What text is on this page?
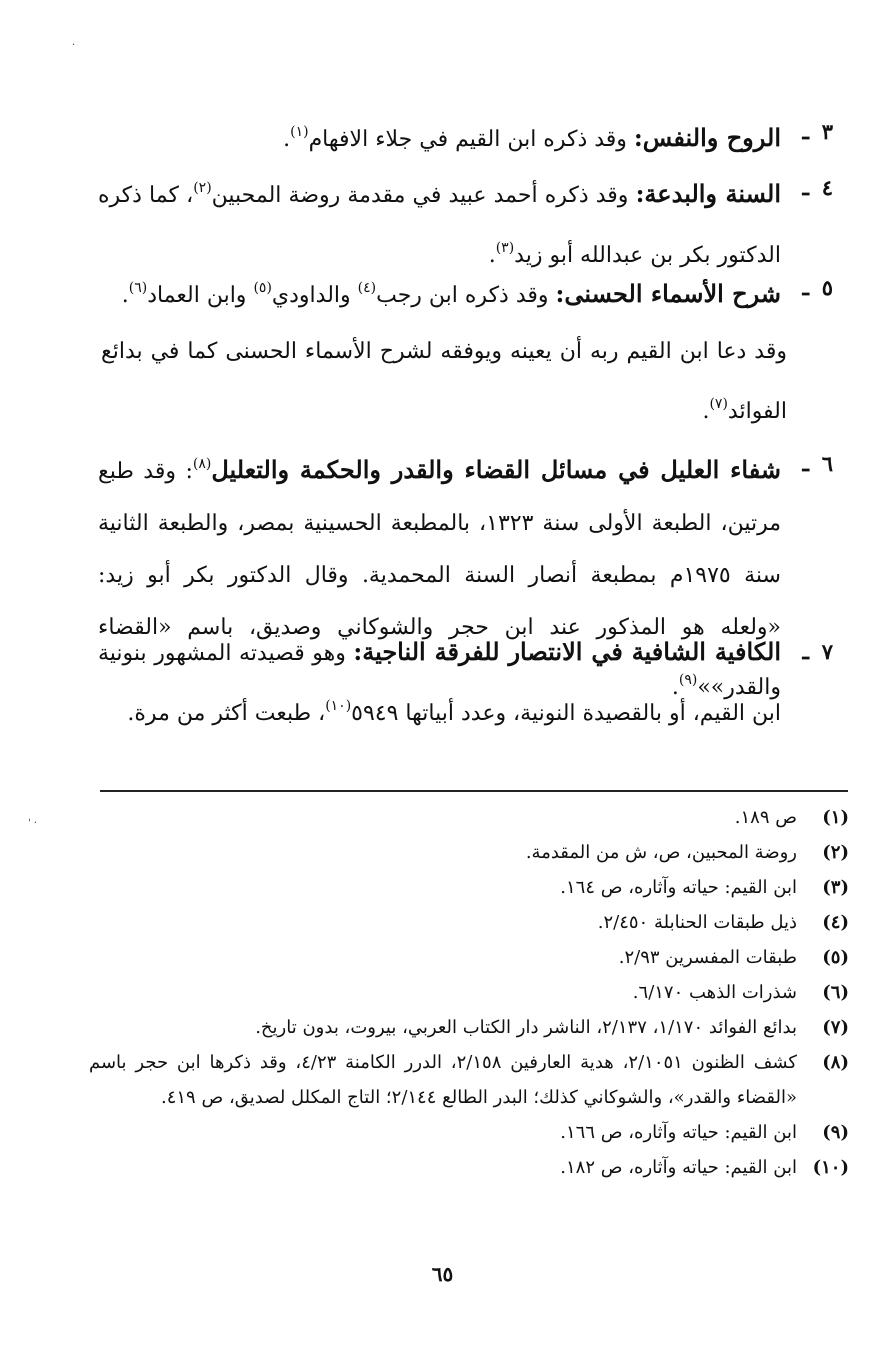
٣
ـ
الروح والنفس: وقد ذكره ابن القيم في جلاء الافهام$^{(١)}$.
٤
ـ
السنة والبدعة: وقد ذكره أحمد عبيد في مقدمة روضة المحبين$^{(٢)}$، كما ذكره الدكتور بكر بن عبدالله أبو زيد$^{(٣)}$.
٥
ـ
شرح الأسماء الحسنى: وقد ذكره ابن رجب$^{(٤)}$ والداودي$^{(٥)}$ وابن العماد$^{(٦)}$.
وقد دعا ابن القيم ربه أن يعينه ويوفقه لشرح الأسماء الحسنى كما في بدائع الفوائد$^{(٧)}$.
٦
ـ
شفاء العليل في مسائل القضاء والقدر والحكمة والتعليل$^{(٨)}$: وقد طبع مرتين، الطبعة الأولى سنة ١٣٢٣، بالمطبعة الحسينية بمصر، والطبعة الثانية سنة ١٩٧٥م بمطبعة أنصار السنة المحمدية. وقال الدكتور بكر أبو زيد: «ولعله هو المذكور عند ابن حجر والشوكاني وصديق، باسم «القضاء والقدر»»$^{(٩)}$.
٧
ـ
الكافية الشافية في الانتصار للفرقة الناجية: وهو قصيدته المشهور بنونية ابن القيم، أو بالقصيدة النونية، وعدد أبياتها ٥٩٤٩$^{(١٠)}$، طبعت أكثر من مرة.
(١)
ص ١٨٩.
(٢)
روضة المحبين، ص، ش من المقدمة.
(٣)
ابن القيم: حياته وآثاره، ص ١٦٤.
(٤)
ذيل طبقات الحنابلة ٢/٤٥٠.
(٥)
طبقات المفسرين ٢/٩٣.
(٦)
شذرات الذهب ٦/١٧٠.
(٧)
بدائع الفوائد ١/١٧٠، ٢/١٣٧، الناشر دار الكتاب العربي، بيروت، بدون تاريخ.
(٨)
كشف الظنون ٢/١٠٥١، هدية العارفين ٢/١٥٨، الدرر الكامنة ٤/٢٣، وقد ذكرها ابن حجر باسم «القضاء والقدر»، والشوكاني كذلك؛ البدر الطالع ٢/١٤٤؛ التاج المكلل لصديق، ص ٤١٩.
(٩)
ابن القيم: حياته وآثاره، ص ١٦٦.
(١٠)
ابن القيم: حياته وآثاره، ص ١٨٢.
٦٥
·
· '
